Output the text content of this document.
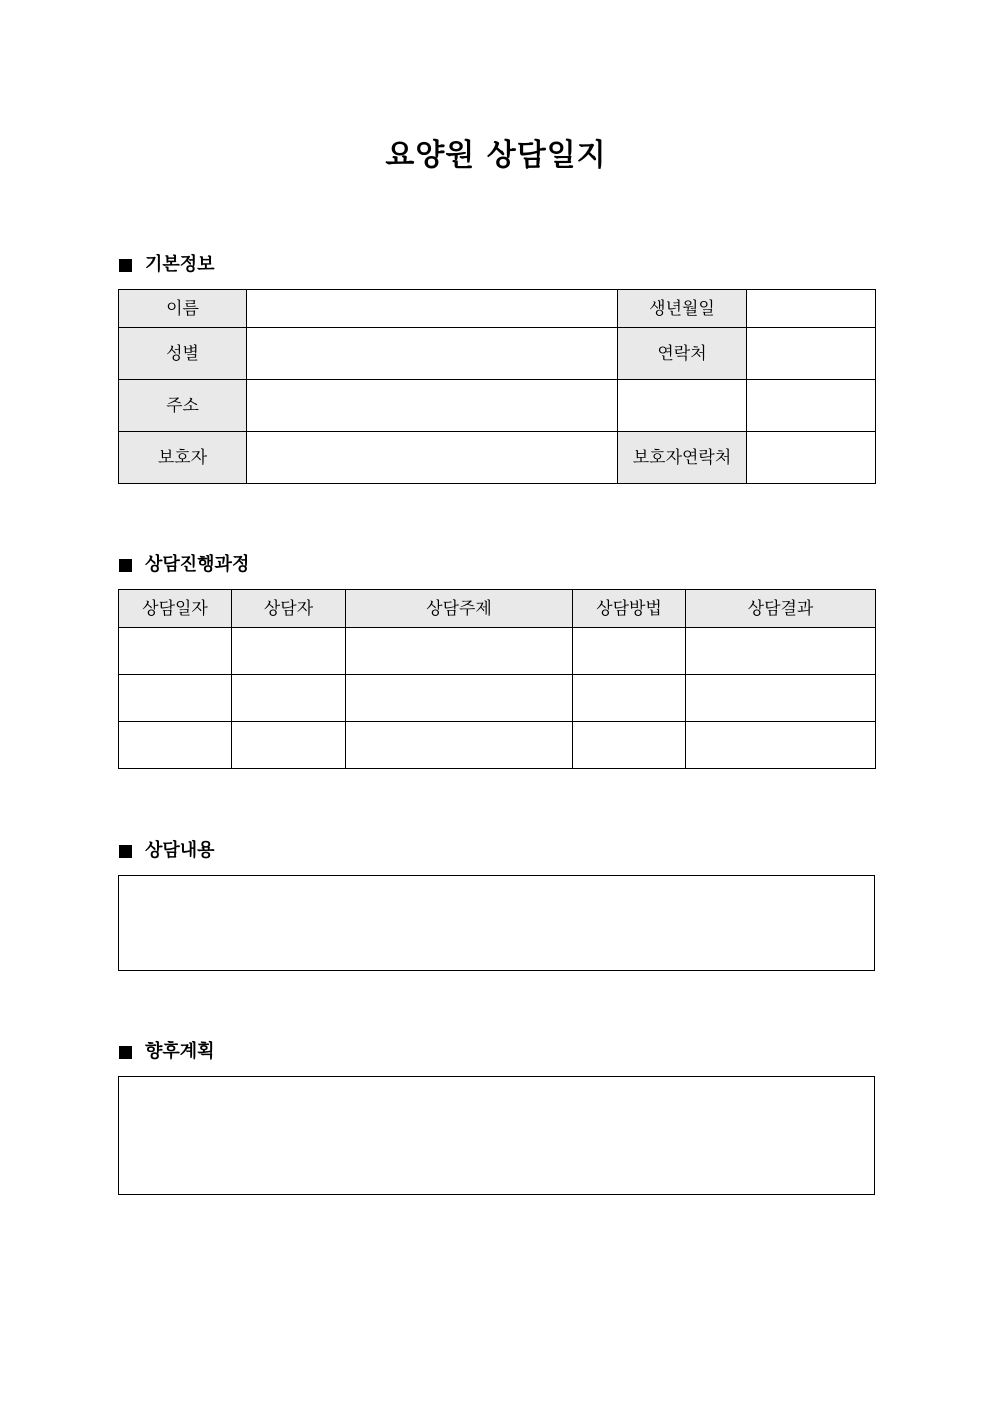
요양원 상담일지
기본정보
이름		생년월일	
성별		연락처	
주소			
보호자		보호자연락처	
상담진행과정
상담일자	상담자	상담주제	상담방법	상담결과

상담내용
향후계획
